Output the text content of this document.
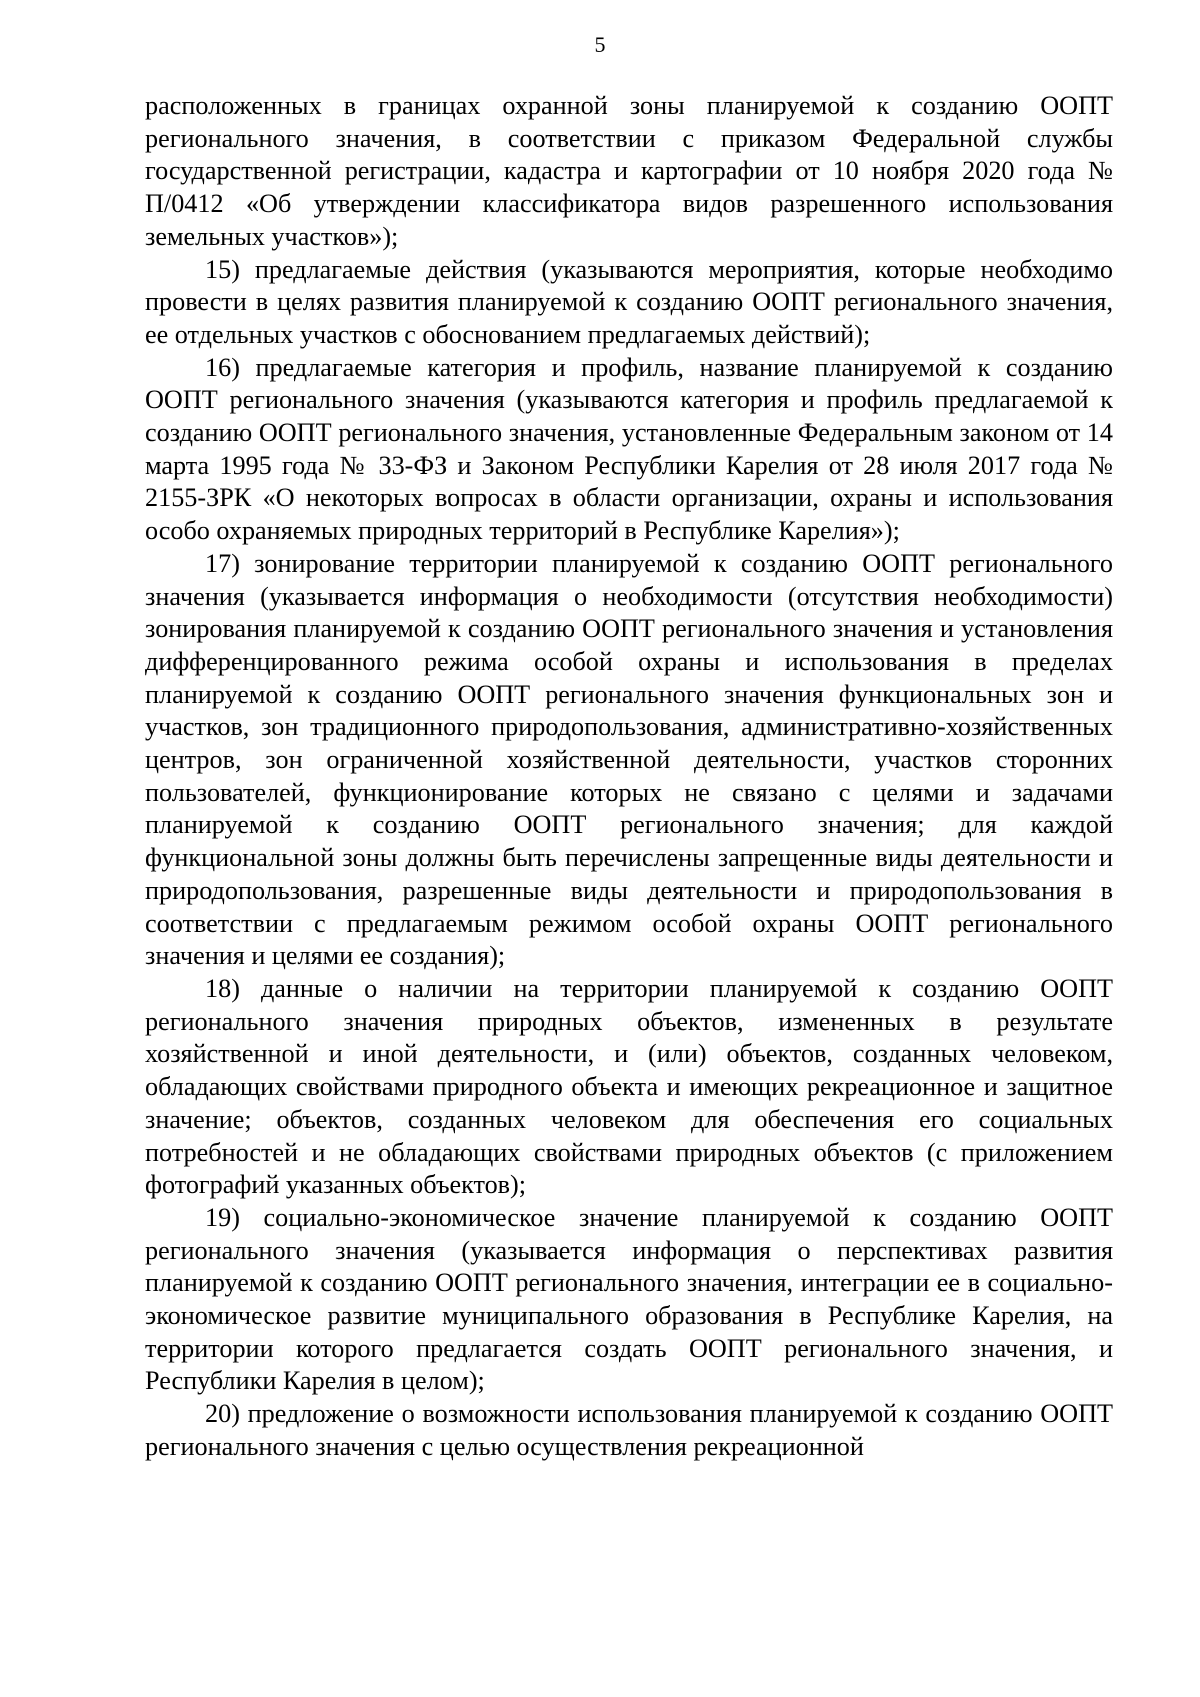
5

расположенных в границах охранной зоны планируемой к созданию ООПТ регионального значения, в соответствии с приказом Федеральной службы государственной регистрации, кадастра и картографии от 10 ноября 2020 года № П/0412 «Об утверждении классификатора видов разрешенного использования земельных участков»);

15) предлагаемые действия (указываются мероприятия, которые необходимо провести в целях развития планируемой к созданию ООПТ регионального значения, ее отдельных участков с обоснованием предлагаемых действий);

16) предлагаемые категория и профиль, название планируемой к созданию ООПТ регионального значения (указываются категория и профиль предлагаемой к созданию ООПТ регионального значения, установленные Федеральным законом от 14 марта 1995 года № 33-ФЗ и Законом Республики Карелия от 28 июля 2017 года № 2155-ЗРК «О некоторых вопросах в области организации, охраны и использования особо охраняемых природных территорий в Республике Карелия»);

17) зонирование территории планируемой к созданию ООПТ регионального значения (указывается информация о необходимости (отсутствия необходимости) зонирования планируемой к созданию ООПТ регионального значения и установления дифференцированного режима особой охраны и использования в пределах планируемой к созданию ООПТ регионального значения функциональных зон и участков, зон традиционного природопользования, административно-хозяйственных центров, зон ограниченной хозяйственной деятельности, участков сторонних пользователей, функционирование которых не связано с целями и задачами планируемой к созданию ООПТ регионального значения; для каждой функциональной зоны должны быть перечислены запрещенные виды деятельности и природопользования, разрешенные виды деятельности и природопользования в соответствии с предлагаемым режимом особой охраны ООПТ регионального значения и целями ее создания);

18) данные о наличии на территории планируемой к созданию ООПТ регионального значения природных объектов, измененных в результате хозяйственной и иной деятельности, и (или) объектов, созданных человеком, обладающих свойствами природного объекта и имеющих рекреационное и защитное значение; объектов, созданных человеком для обеспечения его социальных потребностей и не обладающих свойствами природных объектов (с приложением фотографий указанных объектов);

19) социально-экономическое значение планируемой к созданию ООПТ регионального значения (указывается информация о перспективах развития планируемой к созданию ООПТ регионального значения, интеграции ее в социально-экономическое развитие муниципального образования в Республике Карелия, на территории которого предлагается создать ООПТ регионального значения, и Республики Карелия в целом);

20) предложение о возможности использования планируемой к созданию ООПТ регионального значения с целью осуществления рекреационной
